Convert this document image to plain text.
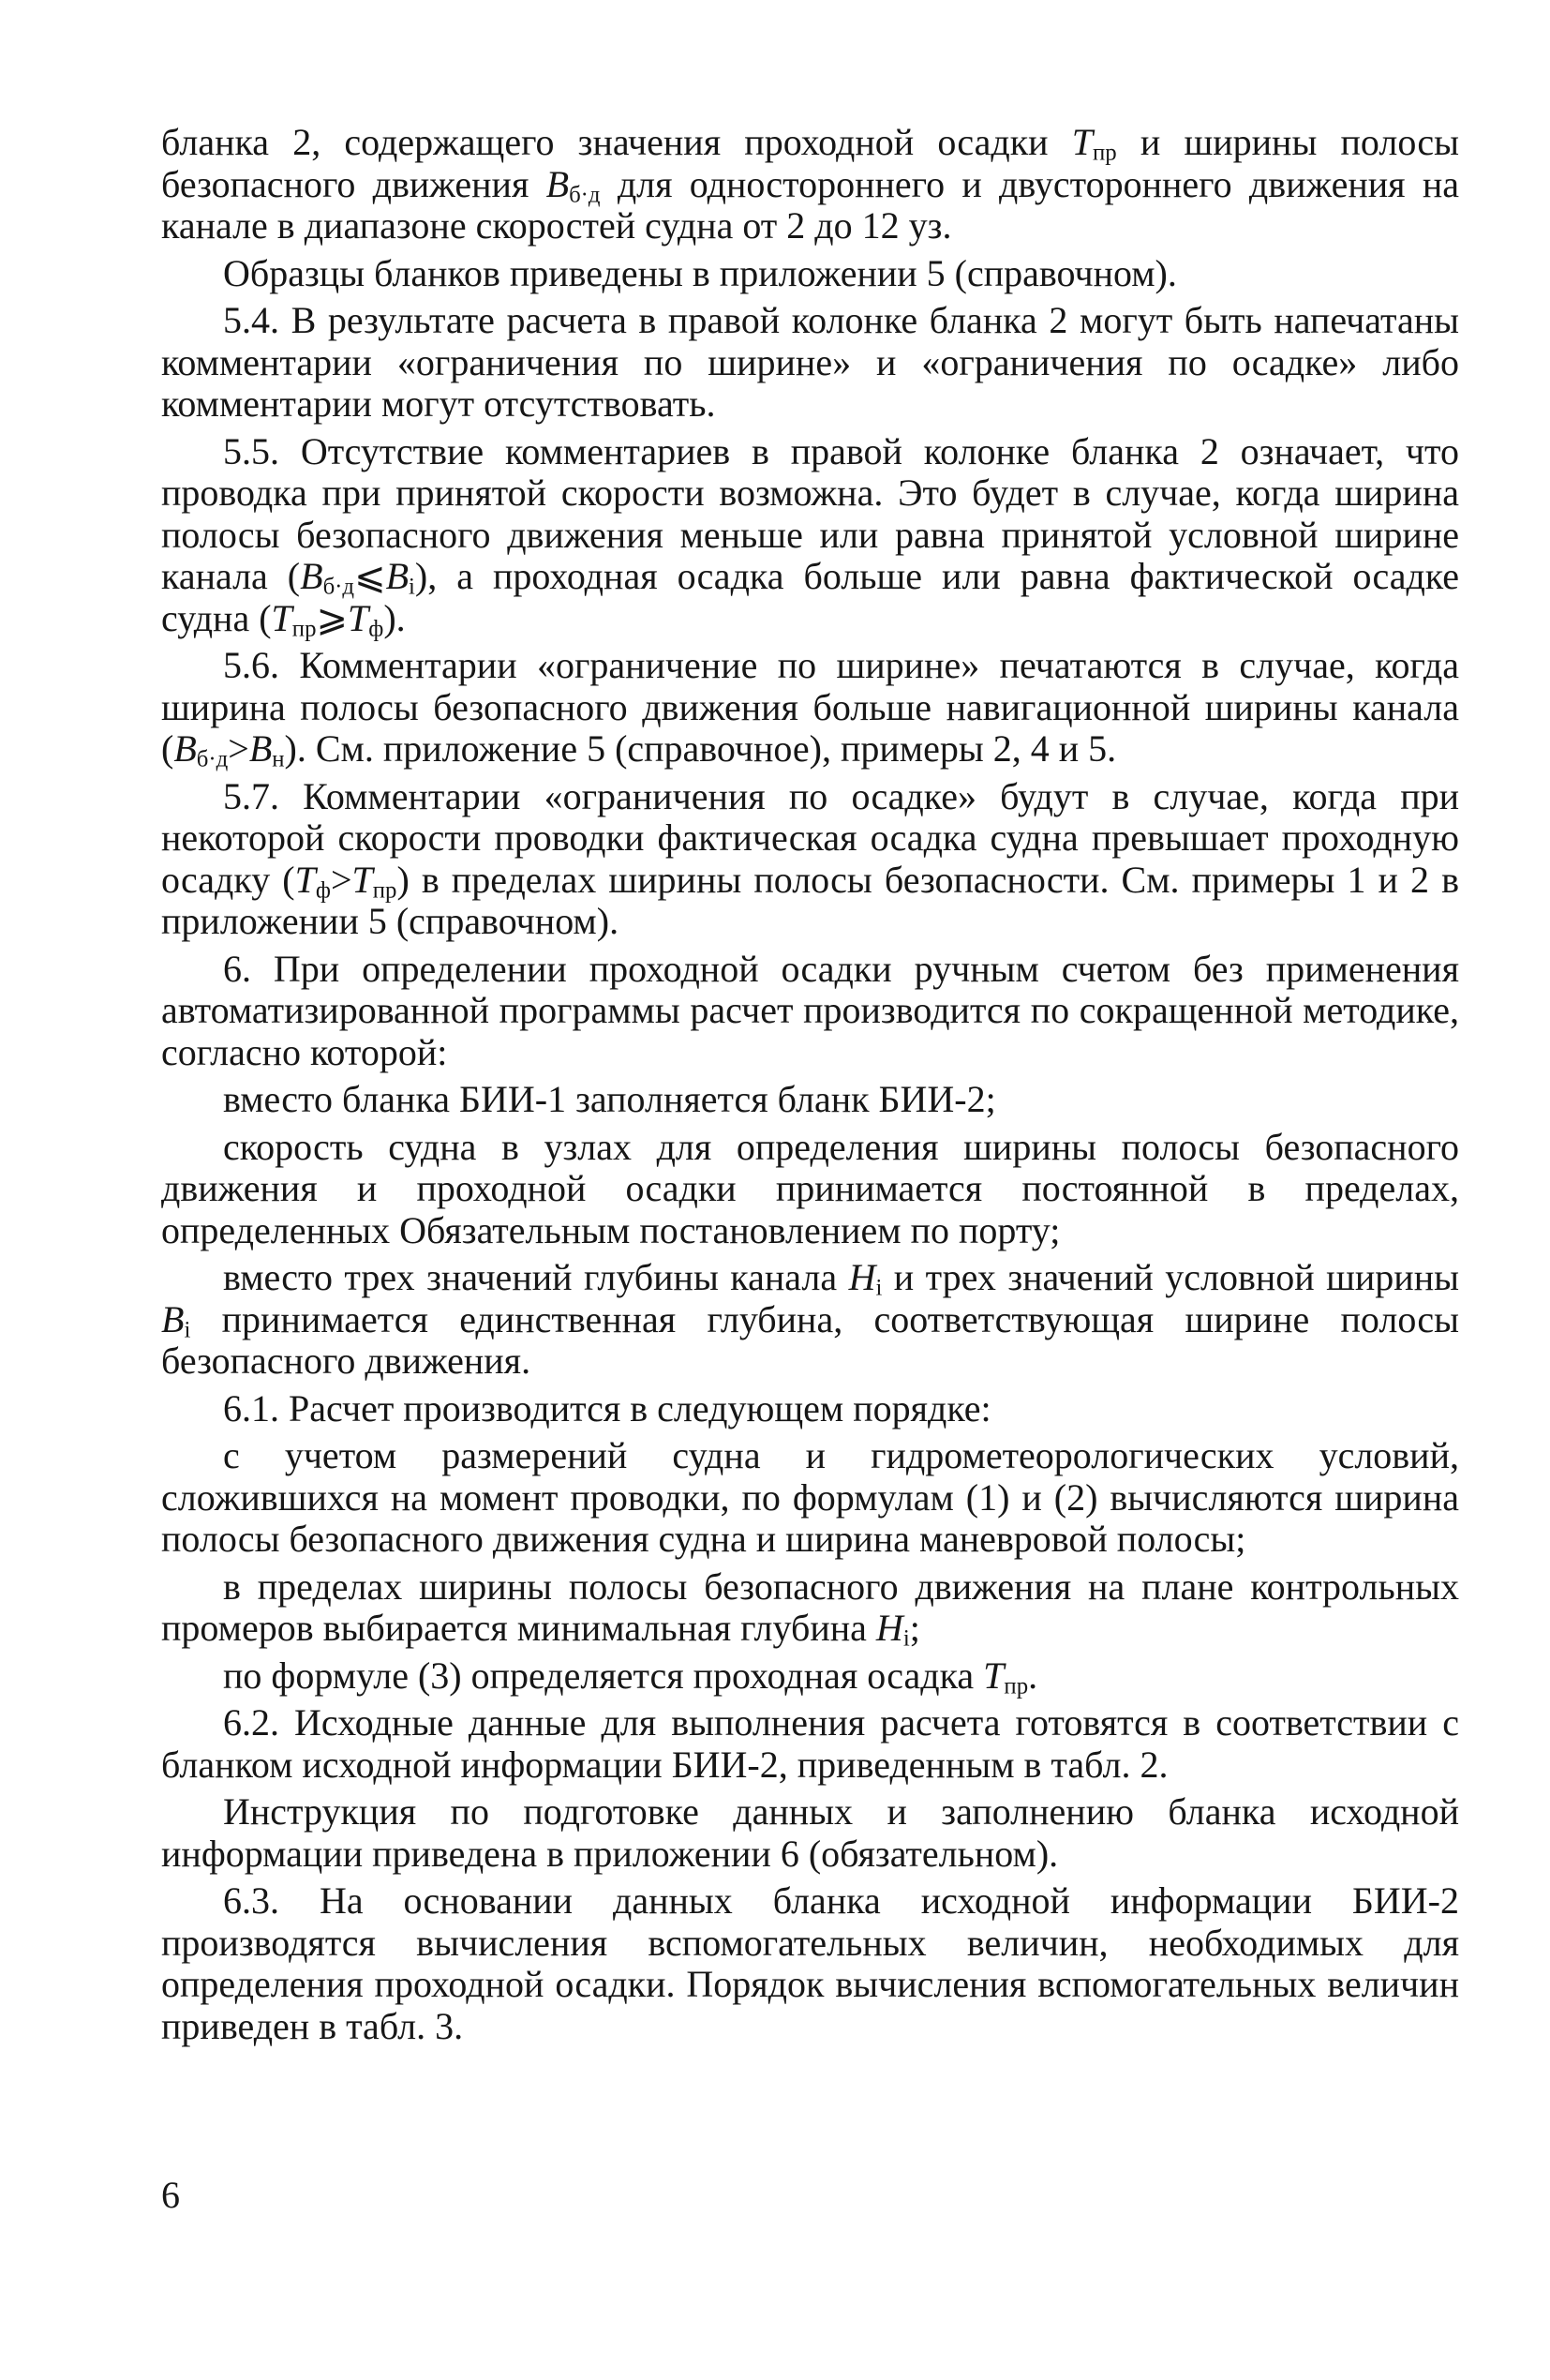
бланка 2, содержащего значения проходной осадки $T_{пр}$ и ширины полосы безопасного движения $B_{б\cdot д}$ для одностороннего и двустороннего движения на канале в диапазоне скоростей судна от 2 до 12 уз.

Образцы бланков приведены в приложении 5 (справочном).

5.4. В результате расчета в правой колонке бланка 2 могут быть напечатаны комментарии «ограничения по ширине» и «ограничения по осадке» либо комментарии могут отсутствовать.

5.5. Отсутствие комментариев в правой колонке бланка 2 означает, что проводка при принятой скорости возможна. Это будет в случае, когда ширина полосы безопасного движения меньше или равна принятой условной ширине канала $(B_{б\cdot д}⩽B_i)$, а проходная осадка больше или равна фактической осадке судна $(T_{пр}⩾T_ф)$.

5.6. Комментарии «ограничение по ширине» печатаются в случае, когда ширина полосы безопасного движения больше навигационной ширины канала $(B_{б\cdot д}>B_н)$. См. приложение 5 (справочное), примеры 2, 4 и 5.

5.7. Комментарии «ограничения по осадке» будут в случае, когда при некоторой скорости проводки фактическая осадка судна превышает проходную осадку $(T_ф>T_{пр})$ в пределах ширины полосы безопасности. См. примеры 1 и 2 в приложении 5 (справочном).

6. При определении проходной осадки ручным счетом без применения автоматизированной программы расчет производится по сокращенной методике, согласно которой:

вместо бланка БИИ-1 заполняется бланк БИИ-2;

скорость судна в узлах для определения ширины полосы безопасного движения и проходной осадки принимается постоянной в пределах, определенных Обязательным постановлением по порту;

вместо трех значений глубины канала $H_i$ и трех значений условной ширины $B_i$ принимается единственная глубина, соответствующая ширине полосы безопасного движения.

6.1. Расчет производится в следующем порядке:

с учетом размерений судна и гидрометеорологических условий, сложившихся на момент проводки, по формулам (1) и (2) вычисляются ширина полосы безопасного движения судна и ширина маневровой полосы;

в пределах ширины полосы безопасного движения на плане контрольных промеров выбирается минимальная глубина $H_i$;

по формуле (3) определяется проходная осадка $T_{пр}$.

6.2. Исходные данные для выполнения расчета готовятся в соответствии с бланком исходной информации БИИ-2, приведенным в табл. 2.

Инструкция по подготовке данных и заполнению бланка исходной информации приведена в приложении 6 (обязательном).

6.3. На основании данных бланка исходной информации БИИ-2 производятся вычисления вспомогательных величин, необходимых для определения проходной осадки. Порядок вычисления вспомогательных величин приведен в табл. 3.

6
